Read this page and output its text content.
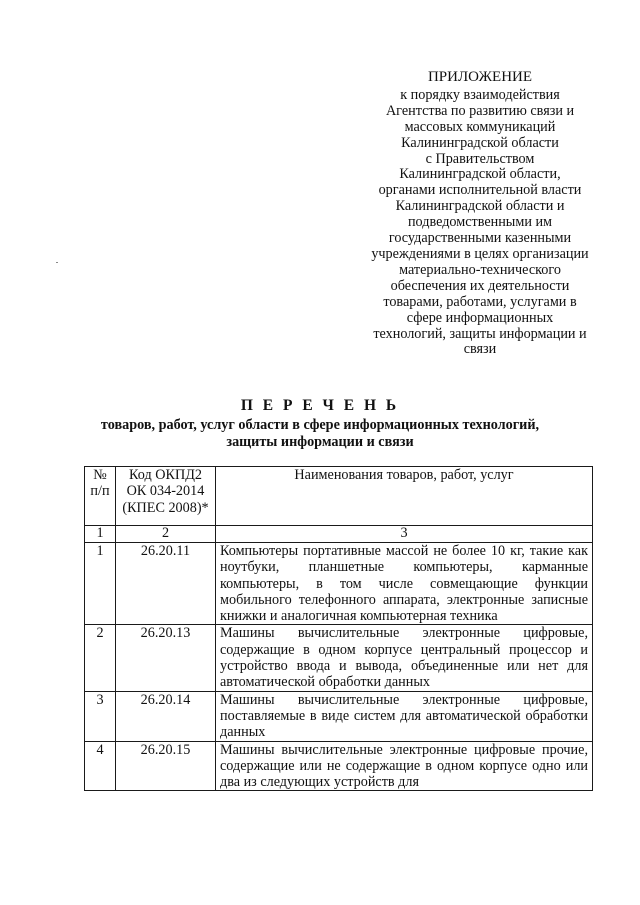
ПРИЛОЖЕНИЕ
к порядку взаимодействия
Агентства по развитию связи и
массовых коммуникаций
Калининградской области
с Правительством
Калининградской области,
органами исполнительной власти
Калининградской области и
подведомственными им
государственными казенными
учреждениями в целях организации
материально-технического
обеспечения их деятельности
товарами, работами, услугами в
сфере информационных
технологий, защиты информации и
связи
П Е Р Е Ч Е Н Ь
товаров, работ, услуг области в сфере информационных технологий,
защиты информации и связи
№ п/п	Код ОКПД2 ОК 034-2014 (КПЕС 2008)*	Наименования товаров, работ, услуг
1	2	3
1	26.20.11	Компьютеры портативные массой не более 10 кг, такие как ноутбуки, планшетные компьютеры, карманные компьютеры, в том числе совмещающие функции мобильного телефонного аппарата, электронные записные книжки и аналогичная компьютерная техника
2	26.20.13	Машины вычислительные электронные цифровые, содержащие в одном корпусе центральный процессор и устройство ввода и вывода, объединенные или нет для автоматической обработки данных
3	26.20.14	Машины вычислительные электронные цифровые, поставляемые в виде систем для автоматической обработки данных
4	26.20.15	Машины вычислительные электронные цифровые прочие, содержащие или не содержащие в одном корпусе одно или два из следующих устройств для
